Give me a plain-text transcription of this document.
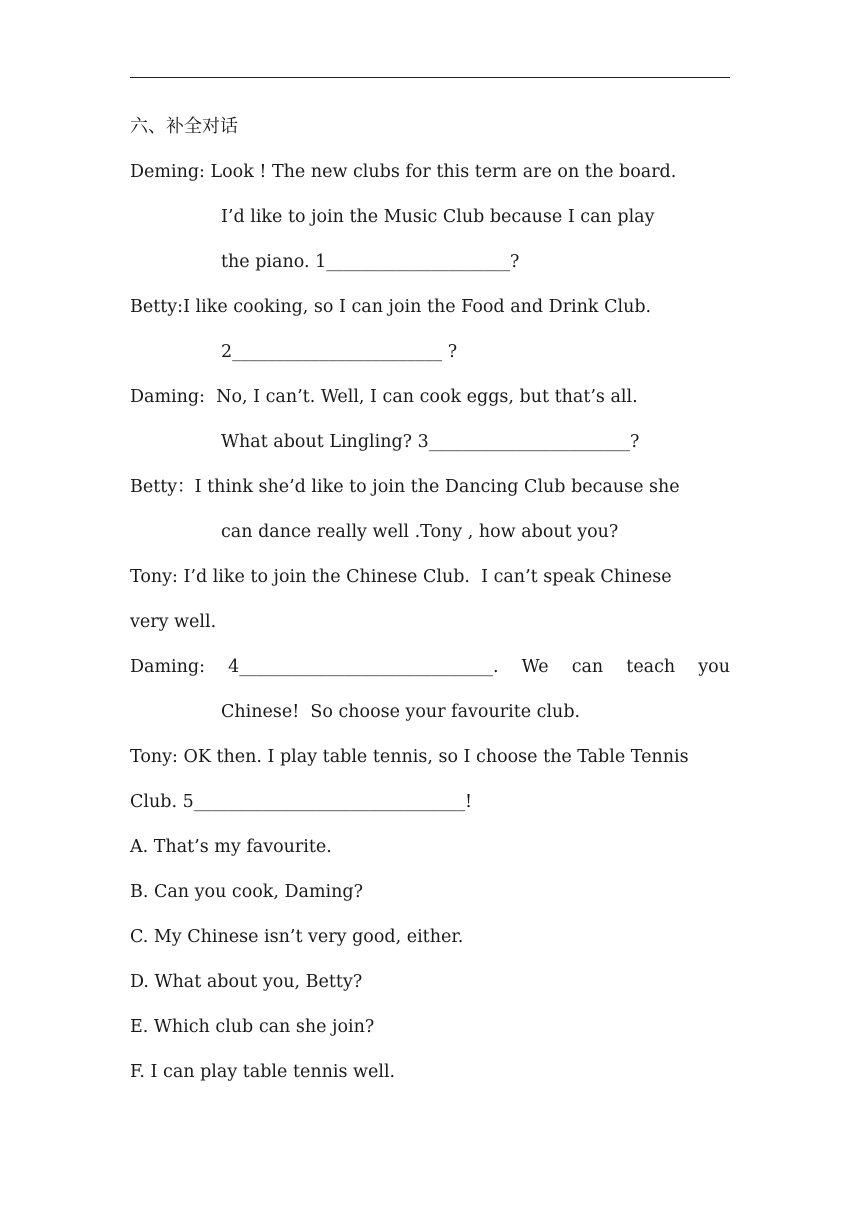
六、补全对话
Deming: Look ! The new clubs for this term are on the board.
I’d like to join the Music Club because I can play
the piano. 1_____________________?
Betty:I like cooking, so I can join the Food and Drink Club.
2________________________ ?
Daming:  No, I can’t. Well, I can cook eggs, but that’s all.
What about Lingling? 3_______________________?
Betty：I think she’d like to join the Dancing Club because she
can dance really well .Tony , how about you?
Tony: I’d like to join the Chinese Club.  I can’t speak Chinese
very well.
Daming: 4_____________________________. We can teach you
Chinese!  So choose your favourite club.
Tony: OK then. I play table tennis, so I choose the Table Tennis
Club. 5_______________________________!
A. That’s my favourite.
B. Can you cook, Daming?
C. My Chinese isn’t very good, either.
D. What about you, Betty?
E. Which club can she join?
F. I can play table tennis well.
